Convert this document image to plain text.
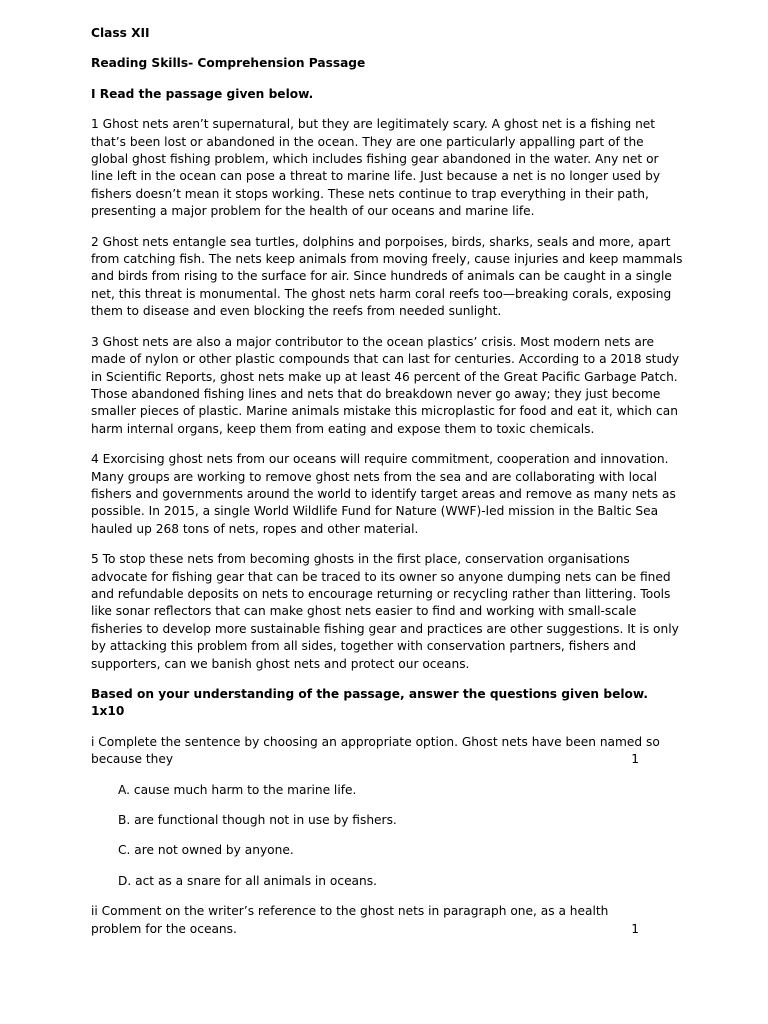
Class XII
Reading Skills- Comprehension Passage
I Read the passage given below.
1 Ghost nets aren’t supernatural, but they are legitimately scary. A ghost net is a fishing net that’s been lost or abandoned in the ocean. They are one particularly appalling part of the global ghost fishing problem, which includes fishing gear abandoned in the water. Any net or line left in the ocean can pose a threat to marine life. Just because a net is no longer used by fishers doesn’t mean it stops working. These nets continue to trap everything in their path, presenting a major problem for the health of our oceans and marine life.
2 Ghost nets entangle sea turtles, dolphins and porpoises, birds, sharks, seals and more, apart from catching fish. The nets keep animals from moving freely, cause injuries and keep mammals and birds from rising to the surface for air. Since hundreds of animals can be caught in a single net, this threat is monumental. The ghost nets harm coral reefs too—breaking corals, exposing them to disease and even blocking the reefs from needed sunlight.
3 Ghost nets are also a major contributor to the ocean plastics’ crisis. Most modern nets are made of nylon or other plastic compounds that can last for centuries. According to a 2018 study in Scientific Reports, ghost nets make up at least 46 percent of the Great Pacific Garbage Patch. Those abandoned fishing lines and nets that do breakdown never go away; they just become smaller pieces of plastic. Marine animals mistake this microplastic for food and eat it, which can harm internal organs, keep them from eating and expose them to toxic chemicals.
4 Exorcising ghost nets from our oceans will require commitment, cooperation and innovation. Many groups are working to remove ghost nets from the sea and are collaborating with local fishers and governments around the world to identify target areas and remove as many nets as possible. In 2015, a single World Wildlife Fund for Nature (WWF)-led mission in the Baltic Sea hauled up 268 tons of nets, ropes and other material.
5 To stop these nets from becoming ghosts in the first place, conservation organisations advocate for fishing gear that can be traced to its owner so anyone dumping nets can be fined and refundable deposits on nets to encourage returning or recycling rather than littering. Tools like sonar reflectors that can make ghost nets easier to find and working with small-scale fisheries to develop more sustainable fishing gear and practices are other suggestions. It is only by attacking this problem from all sides, together with conservation partners, fishers and supporters, can we banish ghost nets and protect our oceans.
Based on your understanding of the passage, answer the questions given below.
1x10
i Complete the sentence by choosing an appropriate option. Ghost nets have been named so
because they	1
A. cause much harm to the marine life.
B. are functional though not in use by fishers.
C. are not owned by anyone.
D. act as a snare for all animals in oceans.
ii Comment on the writer’s reference to the ghost nets in paragraph one, as a health
problem for the oceans.	1
